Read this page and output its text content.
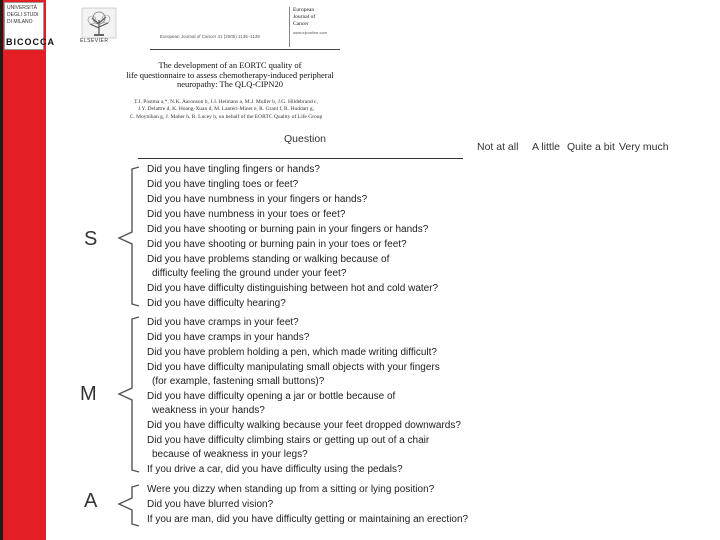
UNIVERSITÀ
DEGLI STUDI
DI MILANO
BICOCCA	ELSEVIER
European Journal of Cancer 41 (2005) 1135–1139
European
Journal of
Cancer
www.ejconline.com
The development of an EORTC quality of
life questionnaire to assess chemotherapy-induced peripheral
neuropathy: The QLQ-CIPN20
T.J. Postma a,*, N.K. Aaronson b, J.J. Heimans a, M.J. Muller b, J.G. Hildebrand c,
J.Y. Delattre d, K. Hoang-Xuan d, M. Lantéri-Minet e, R. Grant f, R. Huddart g,
C. Moynihan g, J. Maher h, R. Lucey h, on behalf of the EORTC Quality of Life Group
Question
Not at all A little Quite a bit Very much
S
M
A
Did you have tingling fingers or hands?
Did you have tingling toes or feet?
Did you have numbness in your fingers or hands?
Did you have numbness in your toes or feet?
Did you have shooting or burning pain in your fingers or hands?
Did you have shooting or burning pain in your toes or feet?
Did you have problems standing or walking because of
difficulty feeling the ground under your feet?
Did you have difficulty distinguishing between hot and cold water?
Did you have difficulty hearing?
Did you have cramps in your feet?
Did you have cramps in your hands?
Did you have problem holding a pen, which made writing difficult?
Did you have difficulty manipulating small objects with your fingers
(for example, fastening small buttons)?
Did you have difficulty opening a jar or bottle because of
weakness in your hands?
Did you have difficulty walking because your feet dropped downwards?
Did you have difficulty climbing stairs or getting up out of a chair
because of weakness in your legs?
If you drive a car, did you have difficulty using the pedals?
Were you dizzy when standing up from a sitting or lying position?
Did you have blurred vision?
If you are man, did you have difficulty getting or maintaining an erection?
